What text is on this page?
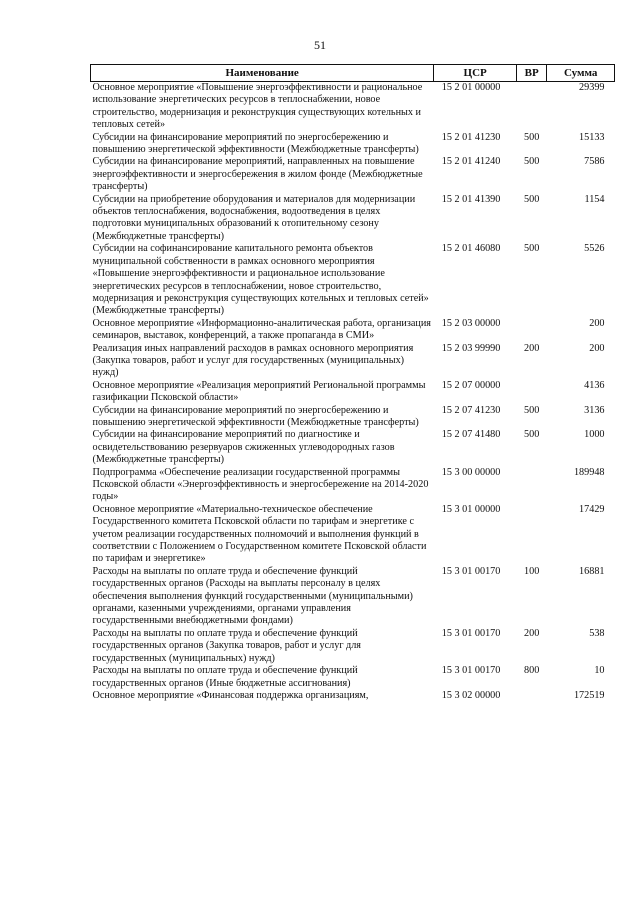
51
Наименование	ЦСР	ВР	Сумма
Основное мероприятие «Повышение энергоэффективности и рациональное использование энергетических ресурсов в теплоснабжении, новое строительство, модернизация и реконструкция существующих котельных и тепловых сетей»	15 2 01 00000		29399
Субсидии на финансирование мероприятий по энергосбережению и повышению энергетической эффективности (Межбюджетные трансферты)	15 2 01 41230	500	15133
Субсидии на финансирование мероприятий, направленных на повышение энергоэффективности и энергосбережения в жилом фонде (Межбюджетные трансферты)	15 2 01 41240	500	7586
Субсидии на приобретение оборудования и материалов для модернизации объектов теплоснабжения, водоснабжения, водоотведения в целях подготовки муниципальных образований к отопительному сезону (Межбюджетные трансферты)	15 2 01 41390	500	1154
Субсидии на софинансирование капитального ремонта объектов муниципальной собственности в рамках основного мероприятия «Повышение энергоэффективности и рациональное использование энергетических ресурсов в теплоснабжении, новое строительство, модернизация и реконструкция существующих котельных и тепловых сетей» (Межбюджетные трансферты)	15 2 01 46080	500	5526
Основное мероприятие «Информационно-аналитическая работа, организация семинаров, выставок, конференций, а также пропаганда в СМИ»	15 2 03 00000		200
Реализация иных направлений расходов в рамках основного мероприятия (Закупка товаров, работ и услуг для государственных (муниципальных) нужд)	15 2 03 99990	200	200
Основное мероприятие «Реализация мероприятий Региональной программы газификации Псковской области»	15 2 07 00000		4136
Субсидии на финансирование мероприятий по энергосбережению и повышению энергетической эффективности (Межбюджетные трансферты)	15 2 07 41230	500	3136
Субсидии на финансирование мероприятий по диагностике и освидетельствованию резервуаров сжиженных углеводородных газов (Межбюджетные трансферты)	15 2 07 41480	500	1000
Подпрограмма «Обеспечение реализации государственной программы Псковской области «Энергоэффективность и энергосбережение на 2014-2020 годы»	15 3 00 00000		189948
Основное мероприятие «Материально-техническое обеспечение Государственного комитета Псковской области по тарифам и энергетике с учетом реализации государственных полномочий и выполнения функций в соответствии с Положением о Государственном комитете Псковской области по тарифам и энергетике»	15 3 01 00000		17429
Расходы на выплаты по оплате труда и обеспечение функций государственных органов (Расходы на выплаты персоналу в целях обеспечения выполнения функций государственными (муниципальными) органами, казенными учреждениями, органами управления государственными внебюджетными фондами)	15 3 01 00170	100	16881
Расходы на выплаты по оплате труда и обеспечение функций государственных органов (Закупка товаров, работ и услуг для государственных (муниципальных) нужд)	15 3 01 00170	200	538
Расходы на выплаты по оплате труда и обеспечение функций государственных органов (Иные бюджетные ассигнования)	15 3 01 00170	800	10
Основное мероприятие «Финансовая поддержка организациям,	15 3 02 00000		172519
